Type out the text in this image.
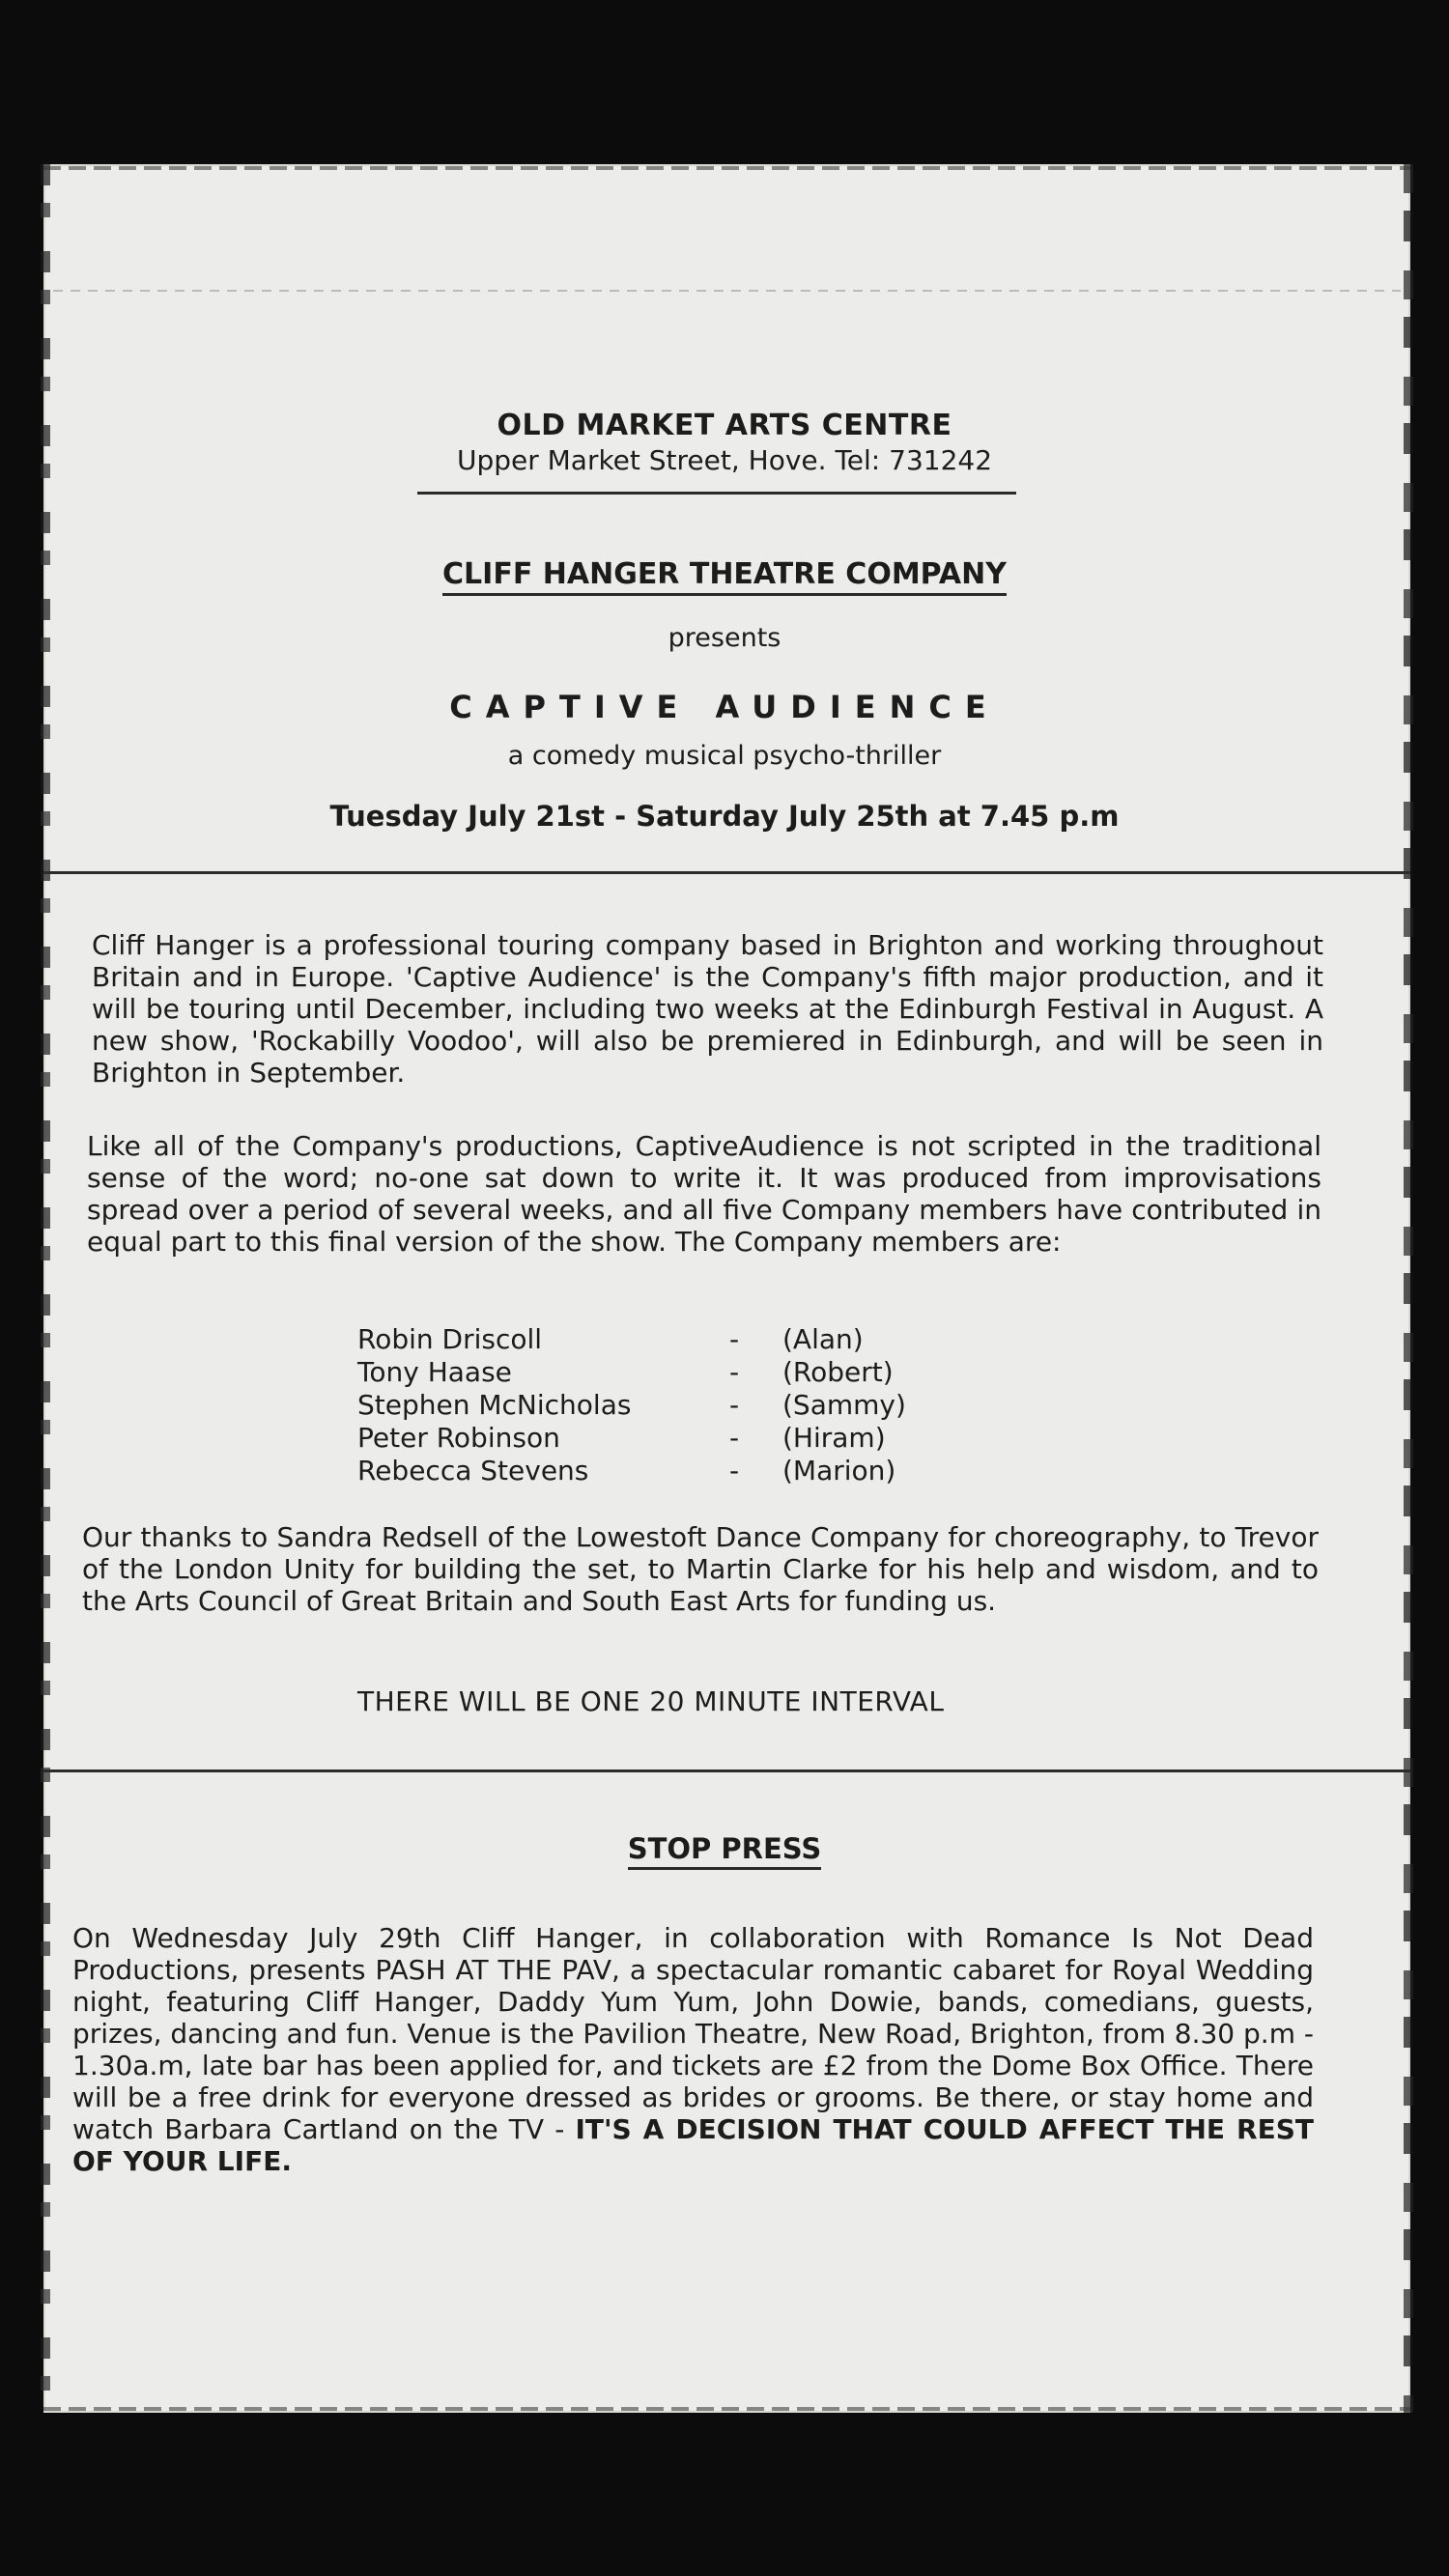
OLD MARKET ARTS CENTRE
Upper Market Street, Hove. Tel: 731242
CLIFF HANGER THEATRE COMPANY
presents
CAPTIVE AUDIENCE
a comedy musical psycho-thriller
Tuesday July 21st - Saturday July 25th at 7.45 p.m

Cliff Hanger is a professional touring company based in Brighton and working throughout Britain and in Europe. 'Captive Audience' is the Company's fifth major production, and it will be touring until December, including two weeks at the Edinburgh Festival in August. A new show, 'Rockabilly Voodoo', will also be premiered in Edinburgh, and will be seen in Brighton in September.

Like all of the Company's productions, CaptiveAudience is not scripted in the traditional sense of the word; no-one sat down to write it. It was produced from improvisations spread over a period of several weeks, and all five Company members have contributed in equal part to this final version of the show. The Company members are:

Robin Driscoll	-	(Alan)
Tony Haase	-	(Robert)
Stephen McNicholas	-	(Sammy)
Peter Robinson	-	(Hiram)
Rebecca Stevens	-	(Marion)

Our thanks to Sandra Redsell of the Lowestoft Dance Company for choreography, to Trevor of the London Unity for building the set, to Martin Clarke for his help and wisdom, and to the Arts Council of Great Britain and South East Arts for funding us.

THERE WILL BE ONE 20 MINUTE INTERVAL
STOP PRESS

On Wednesday July 29th Cliff Hanger, in collaboration with Romance Is Not Dead Productions, presents PASH AT THE PAV, a spectacular romantic cabaret for Royal Wedding night, featuring Cliff Hanger, Daddy Yum Yum, John Dowie, bands, comedians, guests, prizes, dancing and fun. Venue is the Pavilion Theatre, New Road, Brighton, from 8.30 p.m - 1.30a.m, late bar has been applied for, and tickets are £2 from the Dome Box Office. There will be a free drink for everyone dressed as brides or grooms. Be there, or stay home and watch Barbara Cartland on the TV - IT'S A DECISION THAT COULD AFFECT THE REST OF YOUR LIFE.
